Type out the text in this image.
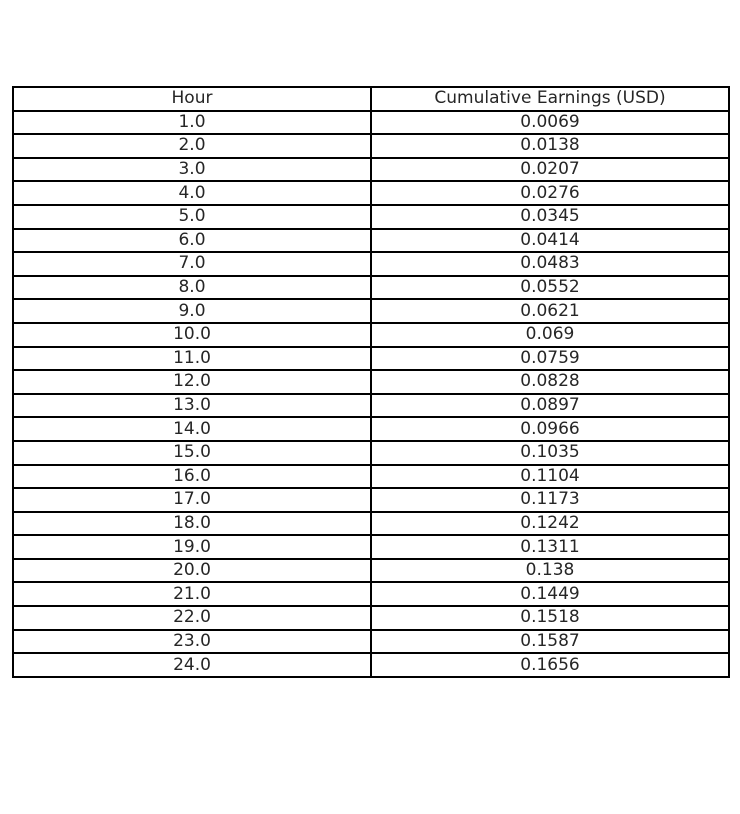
Hour	Cumulative Earnings (USD)
1.0	0.0069
2.0	0.0138
3.0	0.0207
4.0	0.0276
5.0	0.0345
6.0	0.0414
7.0	0.0483
8.0	0.0552
9.0	0.0621
10.0	0.069
11.0	0.0759
12.0	0.0828
13.0	0.0897
14.0	0.0966
15.0	0.1035
16.0	0.1104
17.0	0.1173
18.0	0.1242
19.0	0.1311
20.0	0.138
21.0	0.1449
22.0	0.1518
23.0	0.1587
24.0	0.1656
